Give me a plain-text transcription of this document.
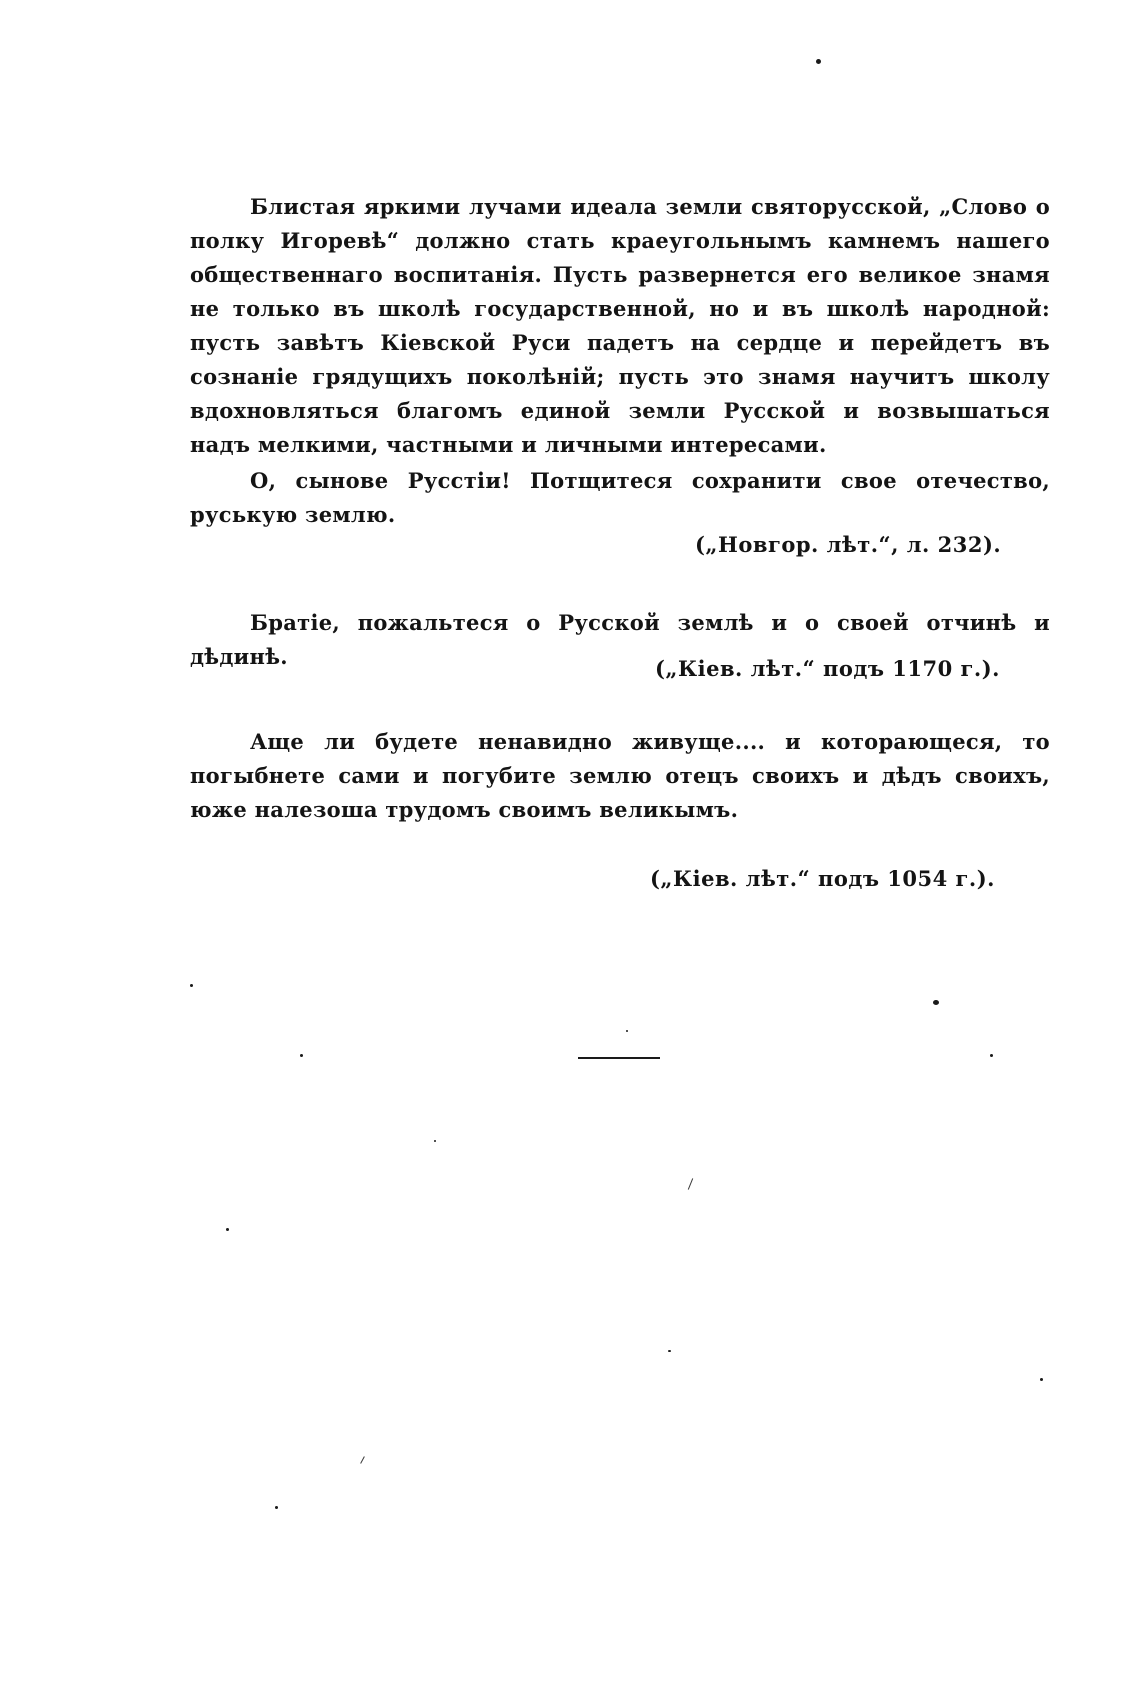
Блистая яркими лучами идеала земли святорусской, „Слово о полку Игоревѣ“ должно стать краеугольнымъ камнемъ нашего общественнаго воспитанія. Пусть развернется его великое знамя не только въ школѣ государственной, но и въ школѣ народной: пусть завѣтъ Кіевской Руси падетъ на сердце и перейдетъ въ сознаніе грядущихъ поколѣній; пусть это знамя научитъ школу вдохновляться благомъ единой земли Русской и возвышаться надъ мелкими, частными и личными интересами.

О, сынове Русстіи! Потщитеся сохранити свое отечество, руськую землю.

(„Новгор. лѣт.“, л. 232).

Братіе, пожальтеся о Русской землѣ и о своей отчинѣ и дѣдинѣ.	(„Кіев. лѣт.“ подъ 1170 г.).

Аще ли будете ненавидно живуще.... и которающеся, то погыбнете сами и погубите землю отецъ своихъ и дѣдъ своихъ, юже налезоша трудомъ своимъ великымъ.

(„Кіев. лѣт.“ подъ 1054 г.).
